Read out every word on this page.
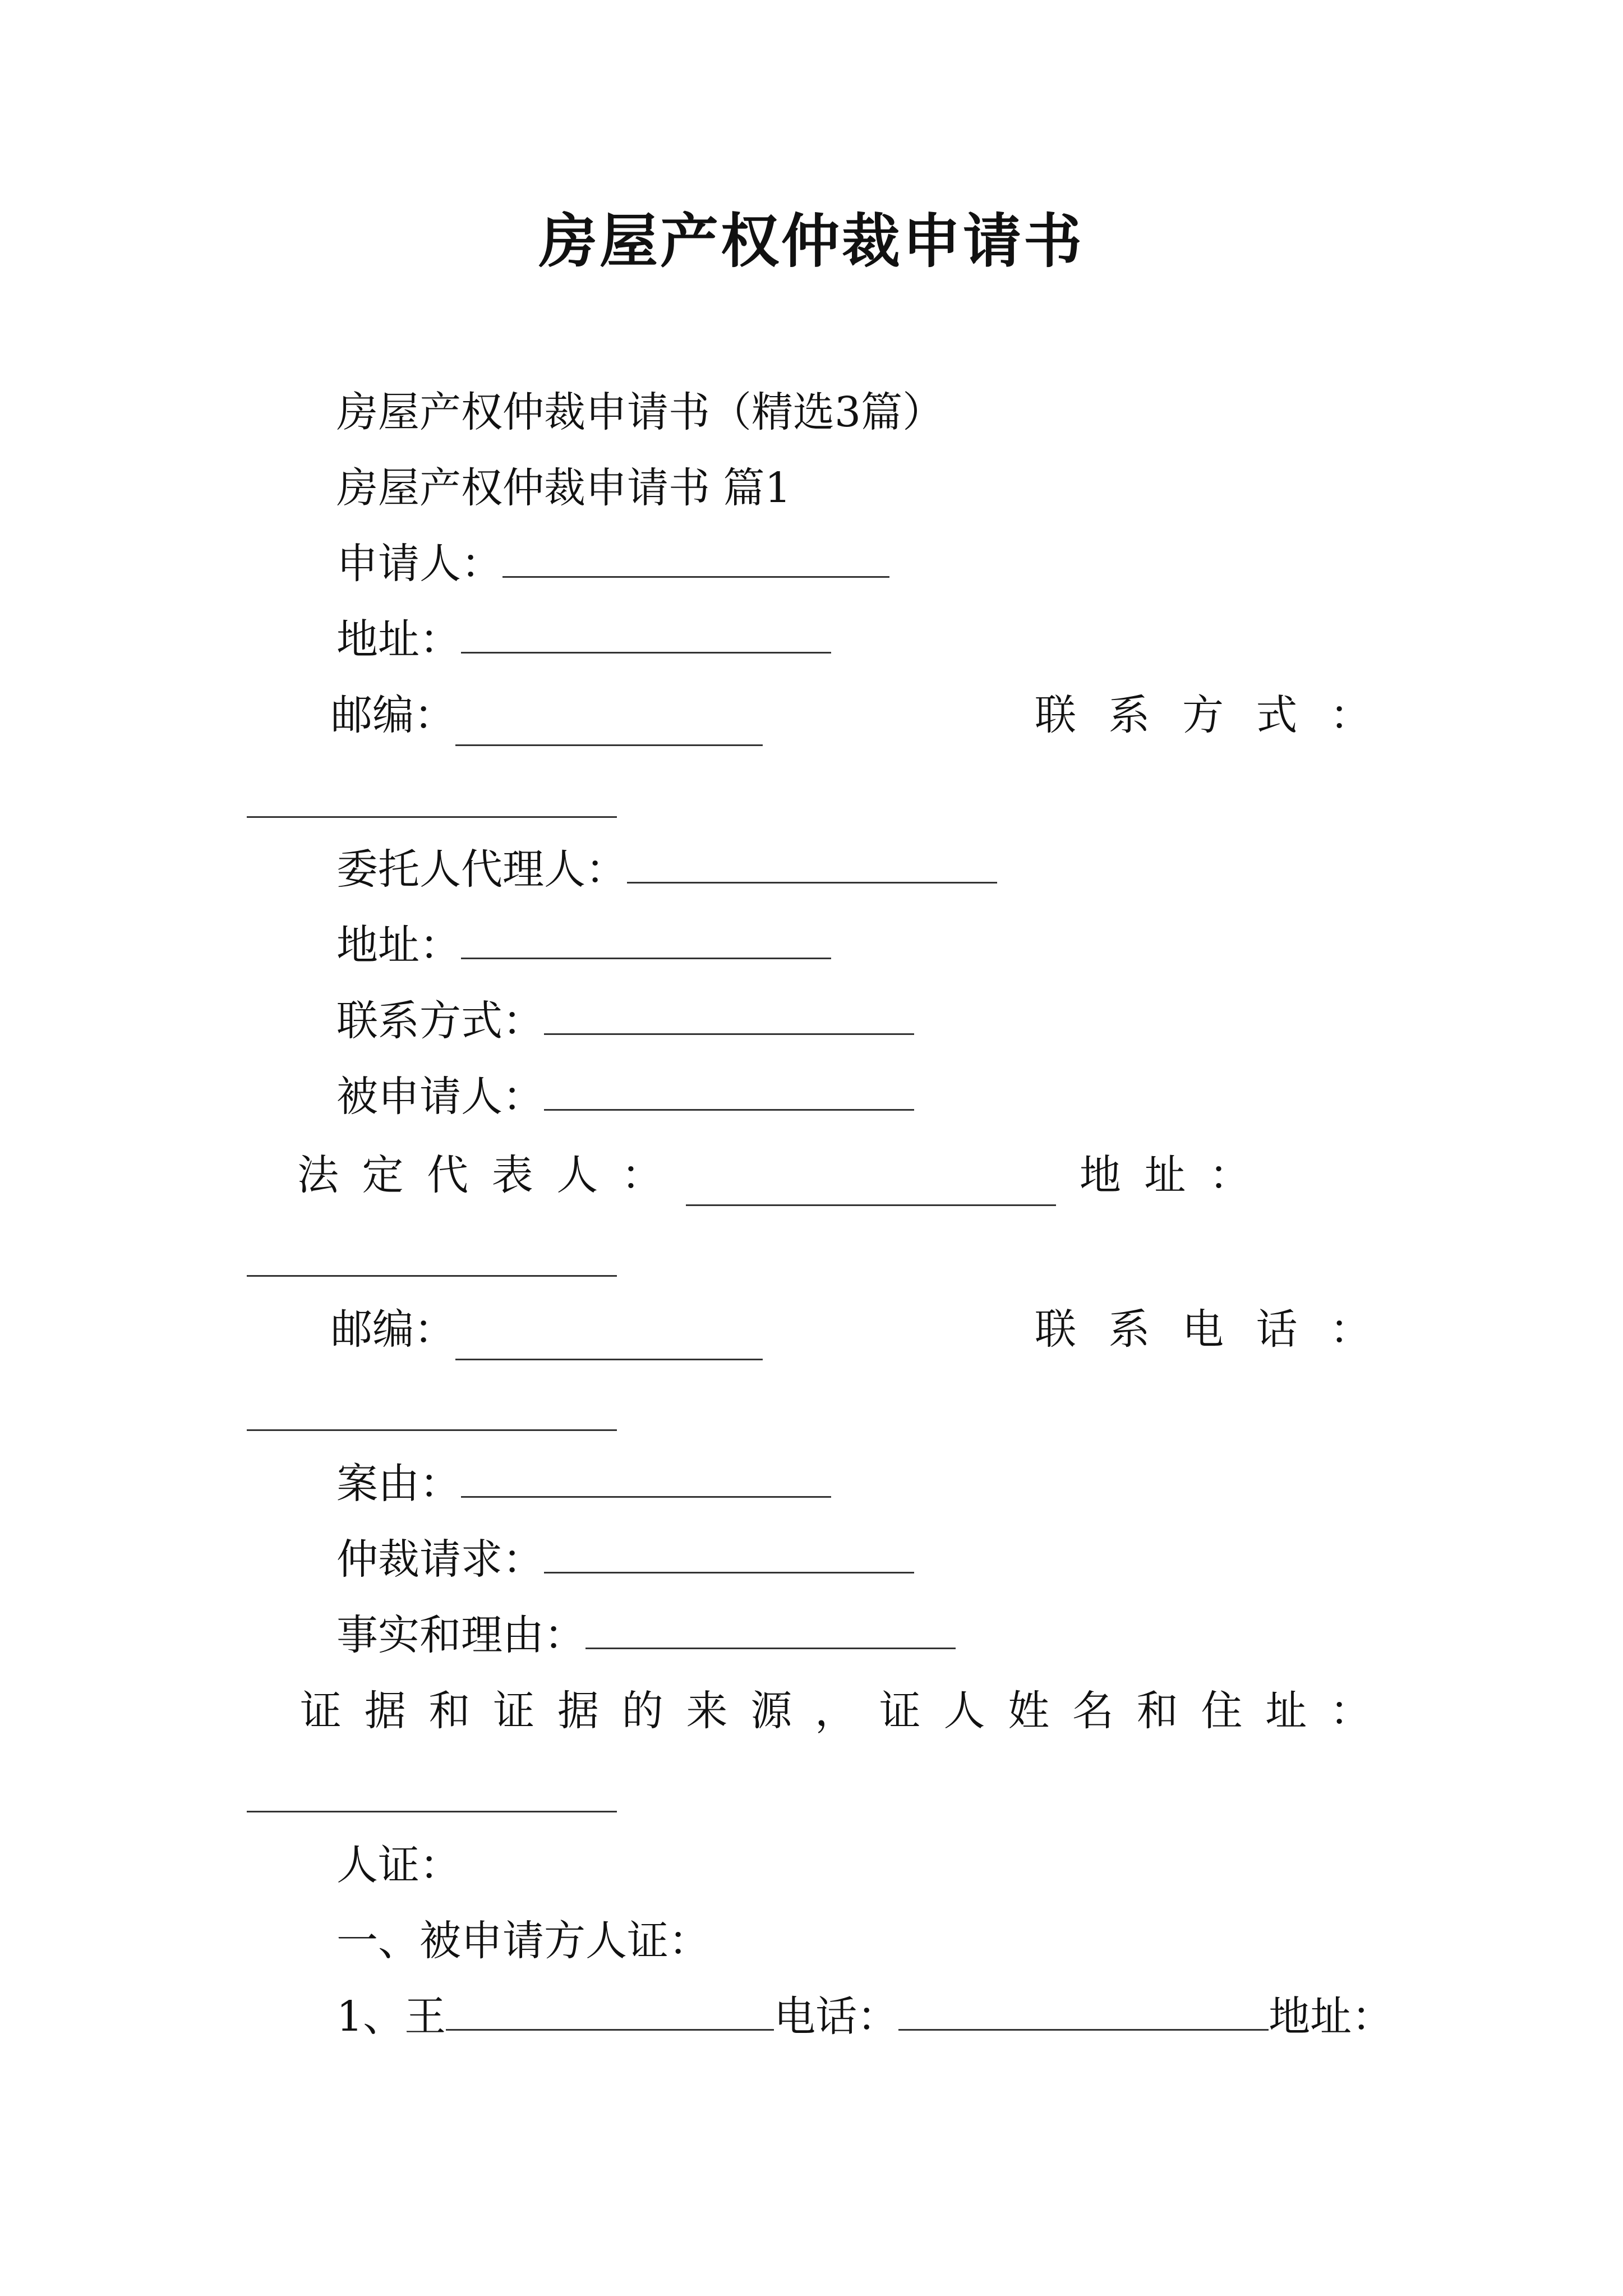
房屋产权仲裁申请书
房屋产权仲裁申请书（精选3篇）
房屋产权仲裁申请书 篇1
申请人：
地址：
邮 编 ：	联 系 方 式 ：
委托人代理人：
地址：
联系方式：
被申请人：
法 定 代 表 人 ：	地 址 ：
邮 编 ：	联 系 电 话 ：
案由：
仲裁请求：
事实和理由：
证 据 和 证 据 的 来 源 ， 证 人 姓 名 和 住 址 ：
人证：
一、被申请方人证：
1、王	电话：	地址：
